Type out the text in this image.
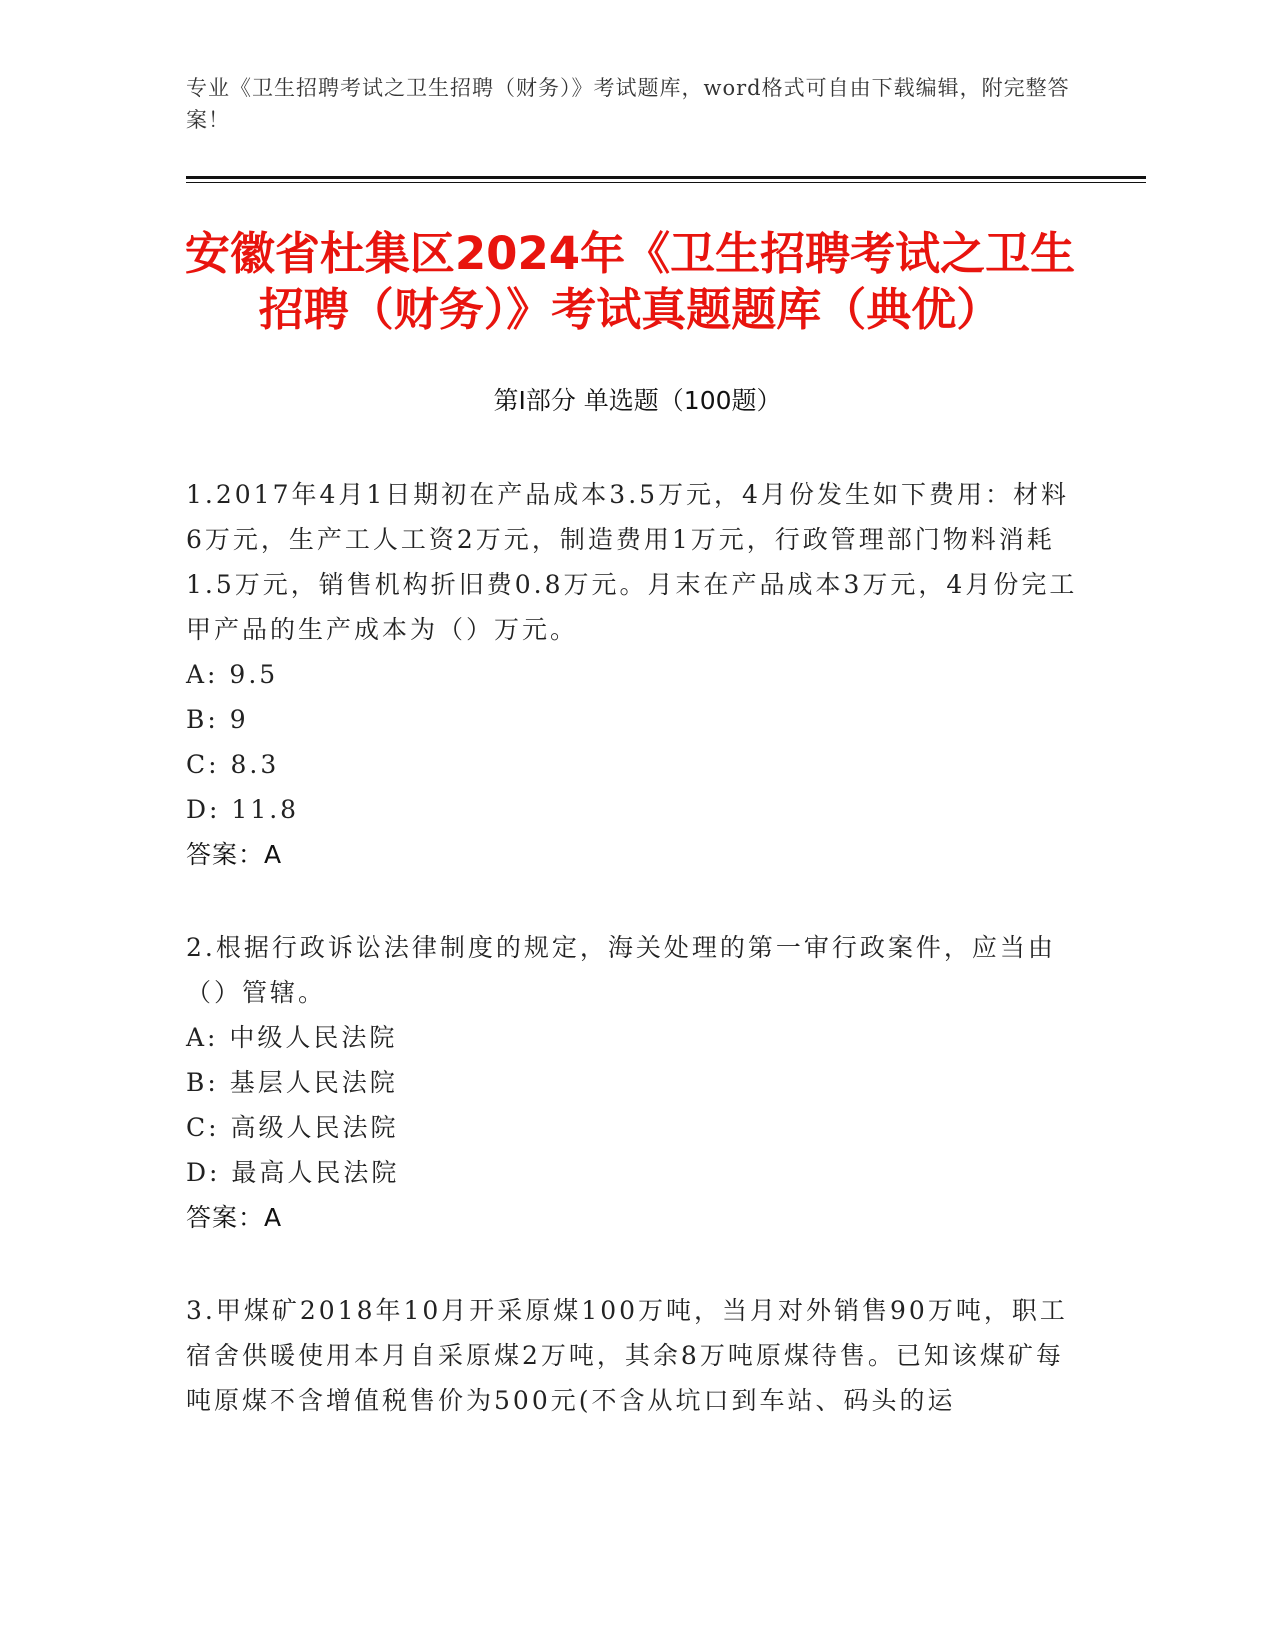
专业《卫生招聘考试之卫生招聘（财务）》考试题库，word格式可自由下载编辑，附完整答案！
安徽省杜集区2024年《卫生招聘考试之卫生招聘（财务）》考试真题题库（典优）
第I部分 单选题（100题）

1.2017年4月1日期初在产品成本3.5万元，4月份发生如下费用：材料6万元，生产工人工资2万元，制造费用1万元，行政管理部门物料消耗1.5万元，销售机构折旧费0.8万元。月末在产品成本3万元，4月份完工甲产品的生产成本为（）万元。

A: 9.5

B: 9

C: 8.3

D: 11.8

答案：A

2.根据行政诉讼法律制度的规定，海关处理的第一审行政案件，应当由（）管辖。

A: 中级人民法院

B: 基层人民法院

C: 高级人民法院

D: 最高人民法院

答案：A

3.甲煤矿2018年10月开采原煤100万吨，当月对外销售90万吨，职工宿舍供暖使用本月自采原煤2万吨，其余8万吨原煤待售。已知该煤矿每吨原煤不含增值税售价为500元(不含从坑口到车站、码头的运
